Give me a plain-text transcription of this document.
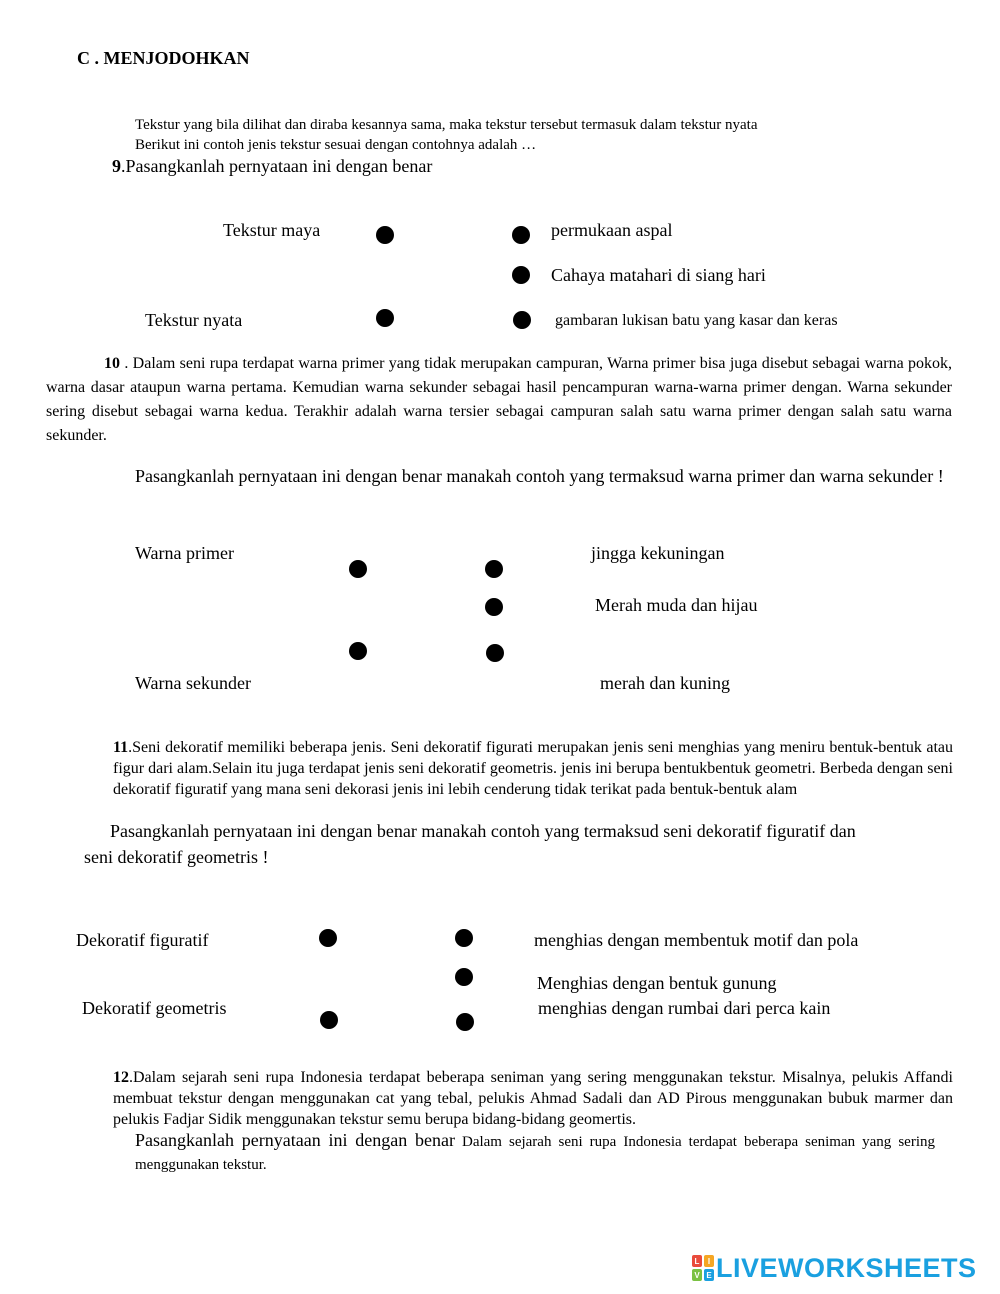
C . MENJODOHKAN
Tekstur yang bila dilihat dan diraba kesannya sama, maka tekstur tersebut termasuk dalam tekstur nyata
Berikut ini contoh jenis tekstur sesuai dengan contohnya adalah …
9.Pasangkanlah pernyataan ini dengan benar
Tekstur maya
Tekstur nyata
permukaan aspal
Cahaya matahari di siang hari
gambaran lukisan batu yang kasar dan keras
10 . Dalam seni rupa terdapat warna primer yang tidak merupakan campuran, Warna primer bisa juga disebut sebagai warna pokok, warna dasar ataupun warna pertama. Kemudian warna sekunder sebagai hasil pencampuran warna-warna primer dengan. Warna sekunder sering disebut sebagai warna kedua. Terakhir adalah warna tersier sebagai campuran salah satu warna primer dengan salah satu warna sekunder.
Pasangkanlah pernyataan ini dengan benar manakah contoh yang termaksud warna primer dan warna sekunder !
Warna primer
Warna sekunder
jingga kekuningan
Merah muda dan hijau
merah dan kuning
11.Seni dekoratif memiliki beberapa jenis. Seni dekoratif figurati merupakan jenis seni menghias yang meniru bentuk-bentuk atau figur dari alam.Selain itu juga terdapat jenis seni dekoratif geometris. jenis ini berupa bentukbentuk geometri. Berbeda dengan seni dekoratif figuratif yang mana seni dekorasi jenis ini lebih cenderung tidak terikat pada bentuk-bentuk alam
Pasangkanlah pernyataan ini dengan benar manakah contoh yang termaksud seni dekoratif figuratif dan
seni dekoratif geometris !
Dekoratif figuratif
Dekoratif geometris
menghias dengan membentuk motif dan pola
Menghias dengan bentuk gunung
menghias dengan rumbai dari perca kain
12.Dalam sejarah seni rupa Indonesia terdapat beberapa seniman yang sering menggunakan tekstur. Misalnya, pelukis Affandi membuat tekstur dengan menggunakan cat yang tebal, pelukis Ahmad Sadali dan AD Pirous menggunakan bubuk marmer dan pelukis Fadjar Sidik menggunakan tekstur semu berupa bidang-bidang geomertis.
Pasangkanlah pernyataan ini dengan benar Dalam sejarah seni rupa Indonesia terdapat beberapa seniman yang sering menggunakan tekstur.
L I
V E LIVEWORKSHEETS
